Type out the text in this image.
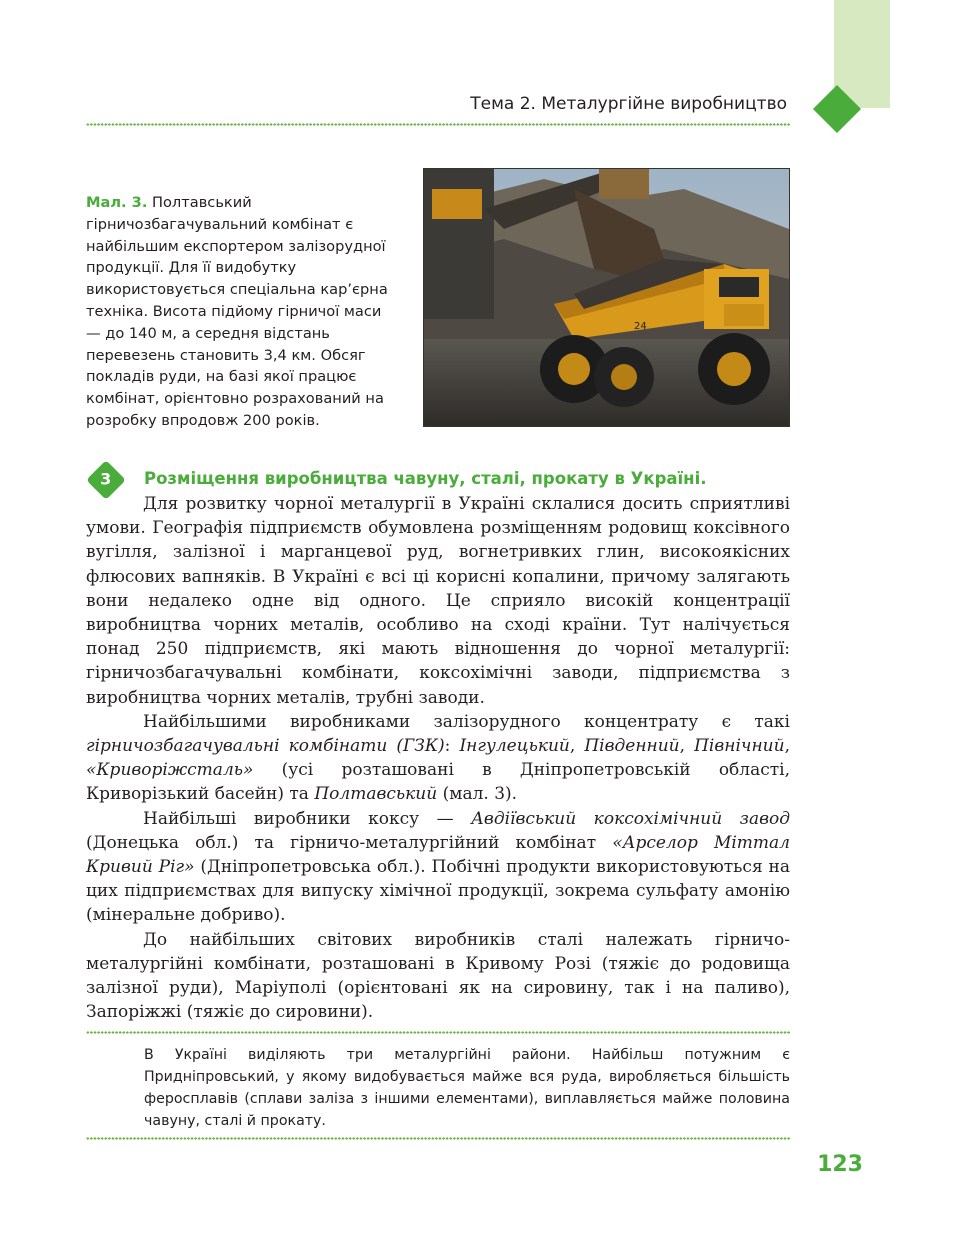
Тема 2. Металургійне виробництво
Мал. 3. Полтавський гірничозбагачувальний комбінат є найбільшим експортером залізорудної продукції. Для її видобутку використовується спеціальна кар’єрна техніка. Висота підйому гірничої маси — до 140 м, а середня відстань перевезень становить 3,4 км. Обсяг покладів руди, на базі якої працює комбінат, орієнтовно розрахований на розробку впродовж 200 років.
24
3	Розміщення виробництва чавуну, сталі, прокату в Україні.

Для розвитку чорної металургії в Україні склалися досить сприятливі умови. Географія підприємств обумовлена розміщенням родовищ коксівного вугілля, залізної і марганцевої руд, вогнетривких глин, високоякісних флюсових вапняків. В Україні є всі ці корисні копалини, причому залягають вони недалеко одне від одного. Це сприяло високій концентрації виробництва чорних металів, особливо на сході країни. Тут налічується понад 250 підприємств, які мають відношення до чорної металургії: гірничозбагачувальні комбінати, коксохімічні заводи, підприємства з виробництва чорних металів, трубні заводи.

Найбільшими виробниками залізорудного концентрату є такі гірничозбагачувальні комбінати (ГЗК): Інгулецький, Південний, Північний, «Криворіжсталь» (усі розташовані в Дніпропетровській області, Криворізький басейн) та Полтавський (мал. 3).

Найбільші виробники коксу — Авдіївський коксохімічний завод (Донецька обл.) та гірничо-металургійний комбінат «Арселор Міттал Кривий Ріг» (Дніпропетровська обл.). Побічні продукти використовуються на цих підприємствах для випуску хімічної продукції, зокрема сульфату амонію (мінеральне добриво).

До найбільших світових виробників сталі належать гірничо-металургійні комбінати, розташовані в Кривому Розі (тяжіє до родовища залізної руди), Маріуполі (орієнтовані як на сировину, так і на паливо), Запоріжжі (тяжіє до сировини).

В Україні виділяють три металургійні райони. Найбільш потужним є Придніпровський, у якому видобувається майже вся руда, виробляється більшість феросплавів (сплави заліза з іншими елементами), виплавляється майже половина чавуну, сталі й прокату.
123
